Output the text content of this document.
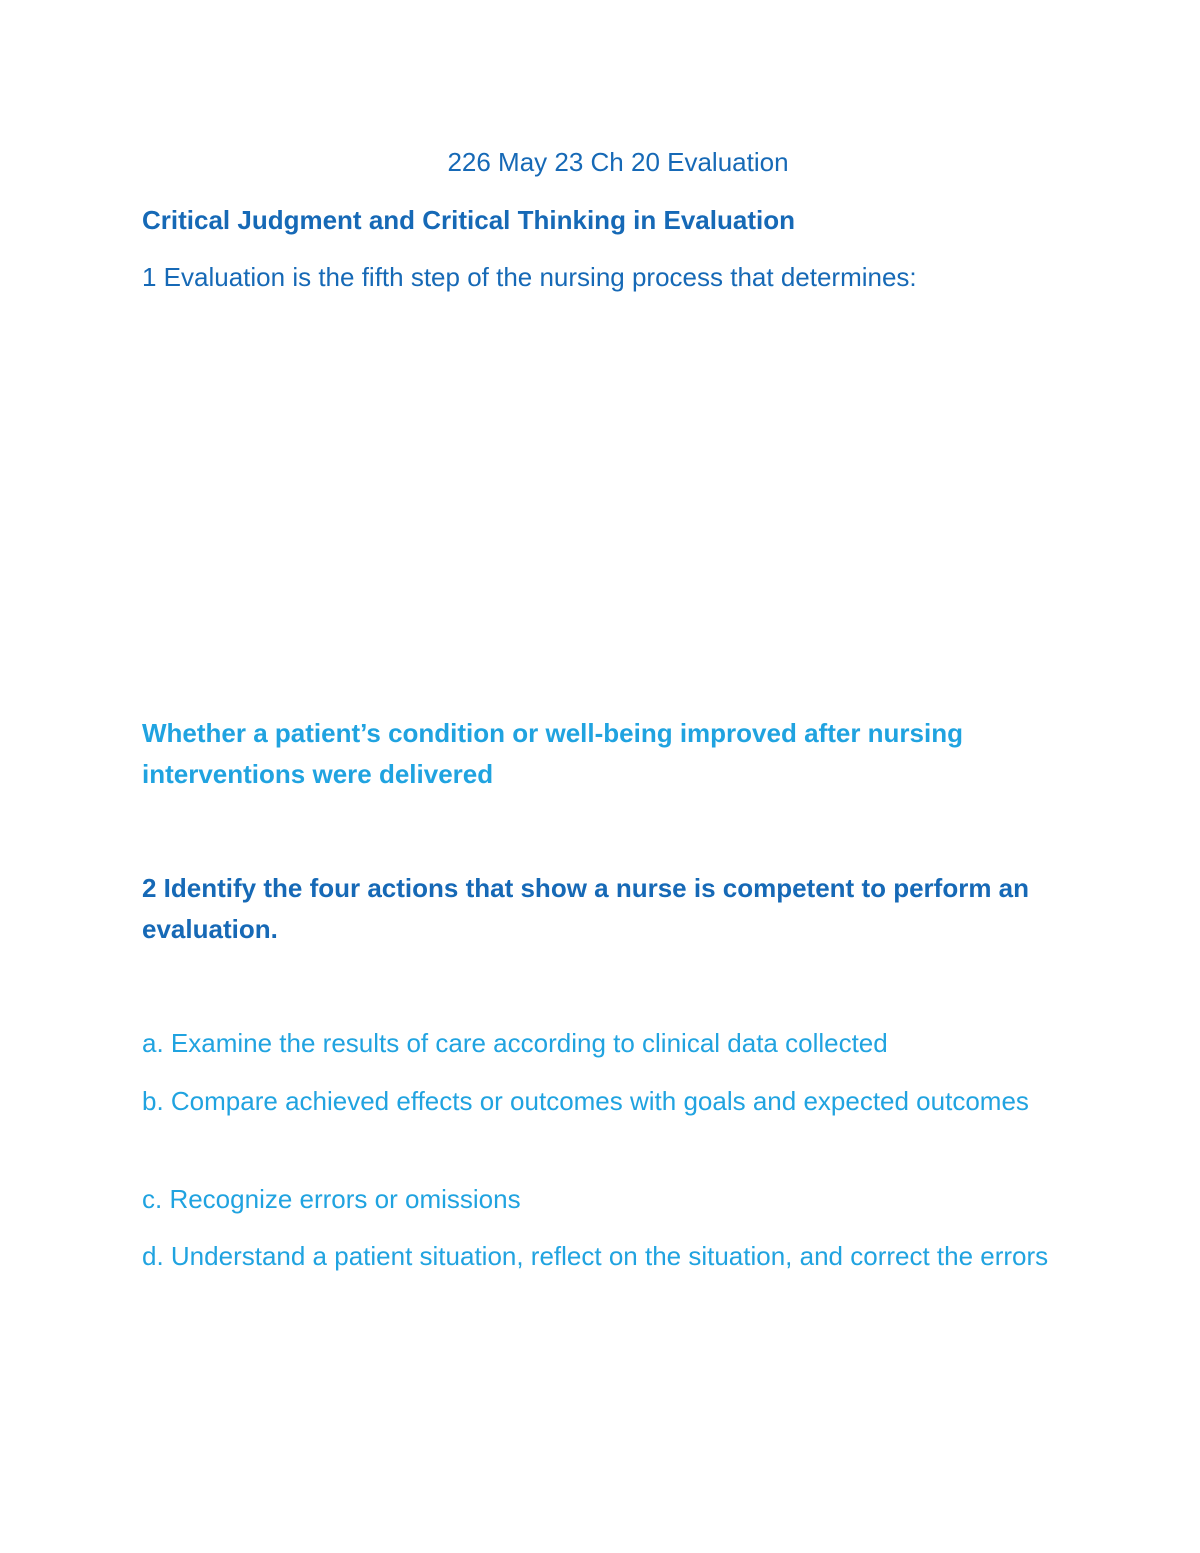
226 May 23 Ch 20 Evaluation

Critical Judgment and Critical Thinking in Evaluation

1 Evaluation is the fifth step of the nursing process that determines:

Whether a patient’s condition or well-being improved after nursing interventions were delivered

2 Identify the four actions that show a nurse is competent to perform an evaluation.

a. Examine the results of care according to clinical data collected

b. Compare achieved effects or outcomes with goals and expected outcomes

c. Recognize errors or omissions

d. Understand a patient situation, reflect on the situation, and correct the errors
